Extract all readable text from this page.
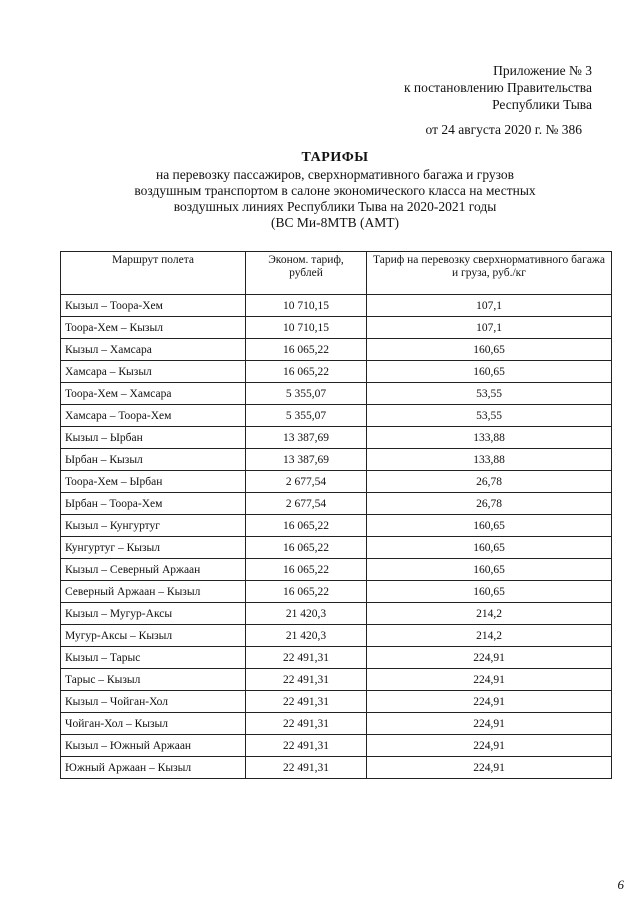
Приложение № 3
к постановлению Правительства
Республики Тыва
от 24 августа 2020 г. № 386
ТАРИФЫ
на перевозку пассажиров, сверхнормативного багажа и грузов
воздушным транспортом в салоне экономического класса на местных
воздушных линиях Республики Тыва на 2020-2021 годы
(ВС Ми-8МТВ (АМТ)
Маршрут полета	Эконом. тариф, рублей	Тариф на перевозку сверхнормативного багажа и груза, руб./кг
Кызыл – Тоора-Хем	10 710,15	107,1
Тоора-Хем – Кызыл	10 710,15	107,1
Кызыл – Хамсара	16 065,22	160,65
Хамсара – Кызыл	16 065,22	160,65
Тоора-Хем – Хамсара	5 355,07	53,55
Хамсара – Тоора-Хем	5 355,07	53,55
Кызыл – Ырбан	13 387,69	133,88
Ырбан – Кызыл	13 387,69	133,88
Тоора-Хем – Ырбан	2 677,54	26,78
Ырбан – Тоора-Хем	2 677,54	26,78
Кызыл – Кунгуртуг	16 065,22	160,65
Кунгуртуг – Кызыл	16 065,22	160,65
Кызыл – Северный Аржаан	16 065,22	160,65
Северный Аржаан – Кызыл	16 065,22	160,65
Кызыл – Мугур-Аксы	21 420,3	214,2
Мугур-Аксы – Кызыл	21 420,3	214,2
Кызыл – Тарыс	22 491,31	224,91
Тарыс – Кызыл	22 491,31	224,91
Кызыл – Чойган-Хол	22 491,31	224,91
Чойган-Хол – Кызыл	22 491,31	224,91
Кызыл – Южный Аржаан	22 491,31	224,91
Южный Аржаан – Кызыл	22 491,31	224,91
6
